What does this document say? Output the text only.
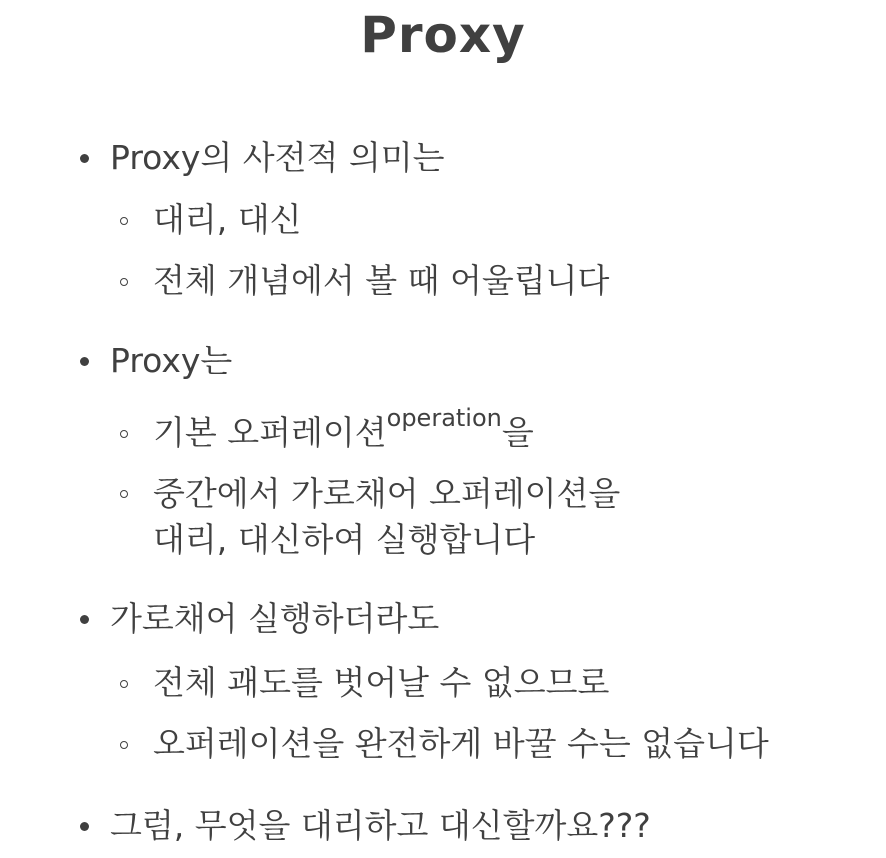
Proxy
Proxy의 사전적 의미는
대리, 대신
전체 개념에서 볼 때 어울립니다
Proxy는
기본 오퍼레이션$^{operation}$을
중간에서 가로채어 오퍼레이션을
대리, 대신하여 실행합니다
가로채어 실행하더라도
전체 괘도를 벗어날 수 없으므로
오퍼레이션을 완전하게 바꿀 수는 없습니다
그럼, 무엇을 대리하고 대신할까요???
